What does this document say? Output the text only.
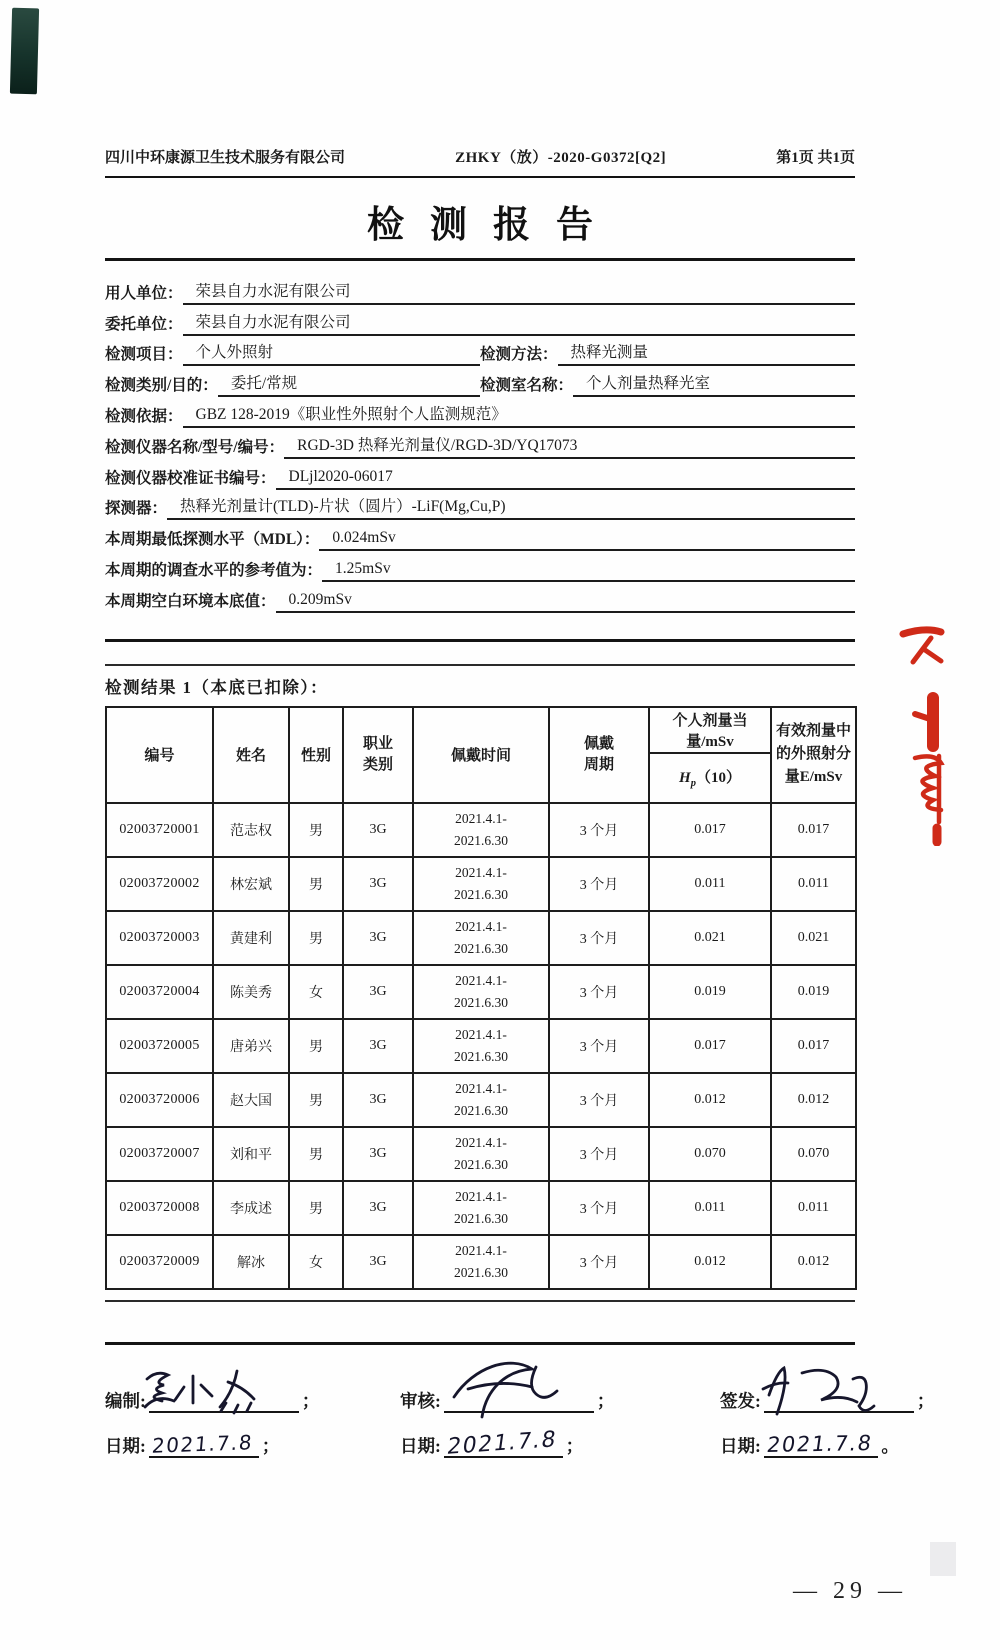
四川中环康源卫生技术服务有限公司	ZHKY（放）-2020-G0372[Q2]	第1页 共1页
检测报告
用人单位： 荣县自力水泥有限公司
委托单位： 荣县自力水泥有限公司
检测项目： 个人外照射	检测方法： 热释光测量
检测类别/目的： 委托/常规	检测室名称： 个人剂量热释光室
检测依据： GBZ 128-2019《职业性外照射个人监测规范》
检测仪器名称/型号/编号： RGD-3D 热释光剂量仪/RGD-3D/YQ17073
检测仪器校准证书编号： DLjl2020-06017
探测器： 热释光剂量计(TLD)-片状（圆片）-LiF(Mg,Cu,P)
本周期最低探测水平（MDL）： 0.024mSv
本周期的调查水平的参考值为： 1.25mSv
本周期空白环境本底值： 0.209mSv
检测结果 1（本底已扣除）：
编号	姓名	性别	职业类别	佩戴时间	佩戴周期	个人剂量当量/mSv	有效剂量中的外照射分量E/mSv
						$H_p(10)$	
02003720001	范志权	男	3G	2021.4.1-
2021.6.30	3 个月	0.017	0.017
02003720002	林宏斌	男	3G	2021.4.1-
2021.6.30	3 个月	0.011	0.011
02003720003	黄建利	男	3G	2021.4.1-
2021.6.30	3 个月	0.021	0.021
02003720004	陈美秀	女	3G	2021.4.1-
2021.6.30	3 个月	0.019	0.019
02003720005	唐弟兴	男	3G	2021.4.1-
2021.6.30	3 个月	0.017	0.017
02003720006	赵大国	男	3G	2021.4.1-
2021.6.30	3 个月	0.012	0.012
02003720007	刘和平	男	3G	2021.4.1-
2021.6.30	3 个月	0.070	0.070
02003720008	李成述	男	3G	2021.4.1-
2021.6.30	3 个月	0.011	0.011
02003720009	解冰	女	3G	2021.4.1-
2021.6.30	3 个月	0.012	0.012
编制:	；	审核:	；	签发:	；
日期: 2021.7.8 ；	日期: 2021.7.8 ；	日期: 2021.7.8 。
— 29 —
